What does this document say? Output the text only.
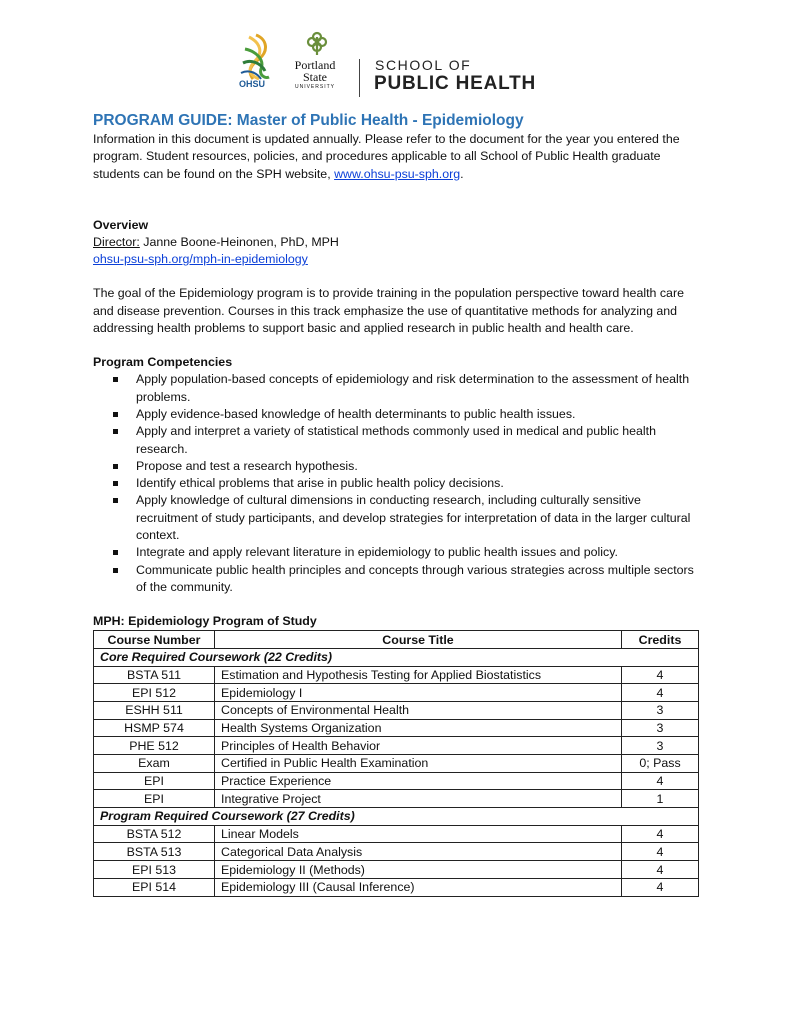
OHSU
Portland
State
UNIVERSITY
SCHOOL OF
PUBLIC HEALTH
PROGRAM GUIDE: Master of Public Health - Epidemiology

Information in this document is updated annually. Please refer to the document for the year you entered the program. Student resources, policies, and procedures applicable to all School of Public Health graduate students can be found on the SPH website, www.ohsu-psu-sph.org.

Overview

Director: Janne Boone-Heinonen, PhD, MPH

ohsu-psu-sph.org/mph-in-epidemiology

The goal of the Epidemiology program is to provide training in the population perspective toward health care and disease prevention. Courses in this track emphasize the use of quantitative methods for analyzing and addressing health problems to support basic and applied research in public health and health care.

Program Competencies
Apply population-based concepts of epidemiology and risk determination to the assessment of health problems.
Apply evidence-based knowledge of health determinants to public health issues.
Apply and interpret a variety of statistical methods commonly used in medical and public health research.
Propose and test a research hypothesis.
Identify ethical problems that arise in public health policy decisions.
Apply knowledge of cultural dimensions in conducting research, including culturally sensitive recruitment of study participants, and develop strategies for interpretation of data in the larger cultural context.
Integrate and apply relevant literature in epidemiology to public health issues and policy.
Communicate public health principles and concepts through various strategies across multiple sectors of the community.
MPH: Epidemiology Program of Study
Course Number	Course Title	Credits
Core Required Coursework (22 Credits)		
BSTA 511	Estimation and Hypothesis Testing for Applied Biostatistics	4
EPI 512	Epidemiology I	4
ESHH 511	Concepts of Environmental Health	3
HSMP 574	Health Systems Organization	3
PHE 512	Principles of Health Behavior	3
Exam	Certified in Public Health Examination	0; Pass
EPI	Practice Experience	4
EPI	Integrative Project	1
Program Required Coursework (27 Credits)		
BSTA 512	Linear Models	4
BSTA 513	Categorical Data Analysis	4
EPI 513	Epidemiology II (Methods)	4
EPI 514	Epidemiology III (Causal Inference)	4
